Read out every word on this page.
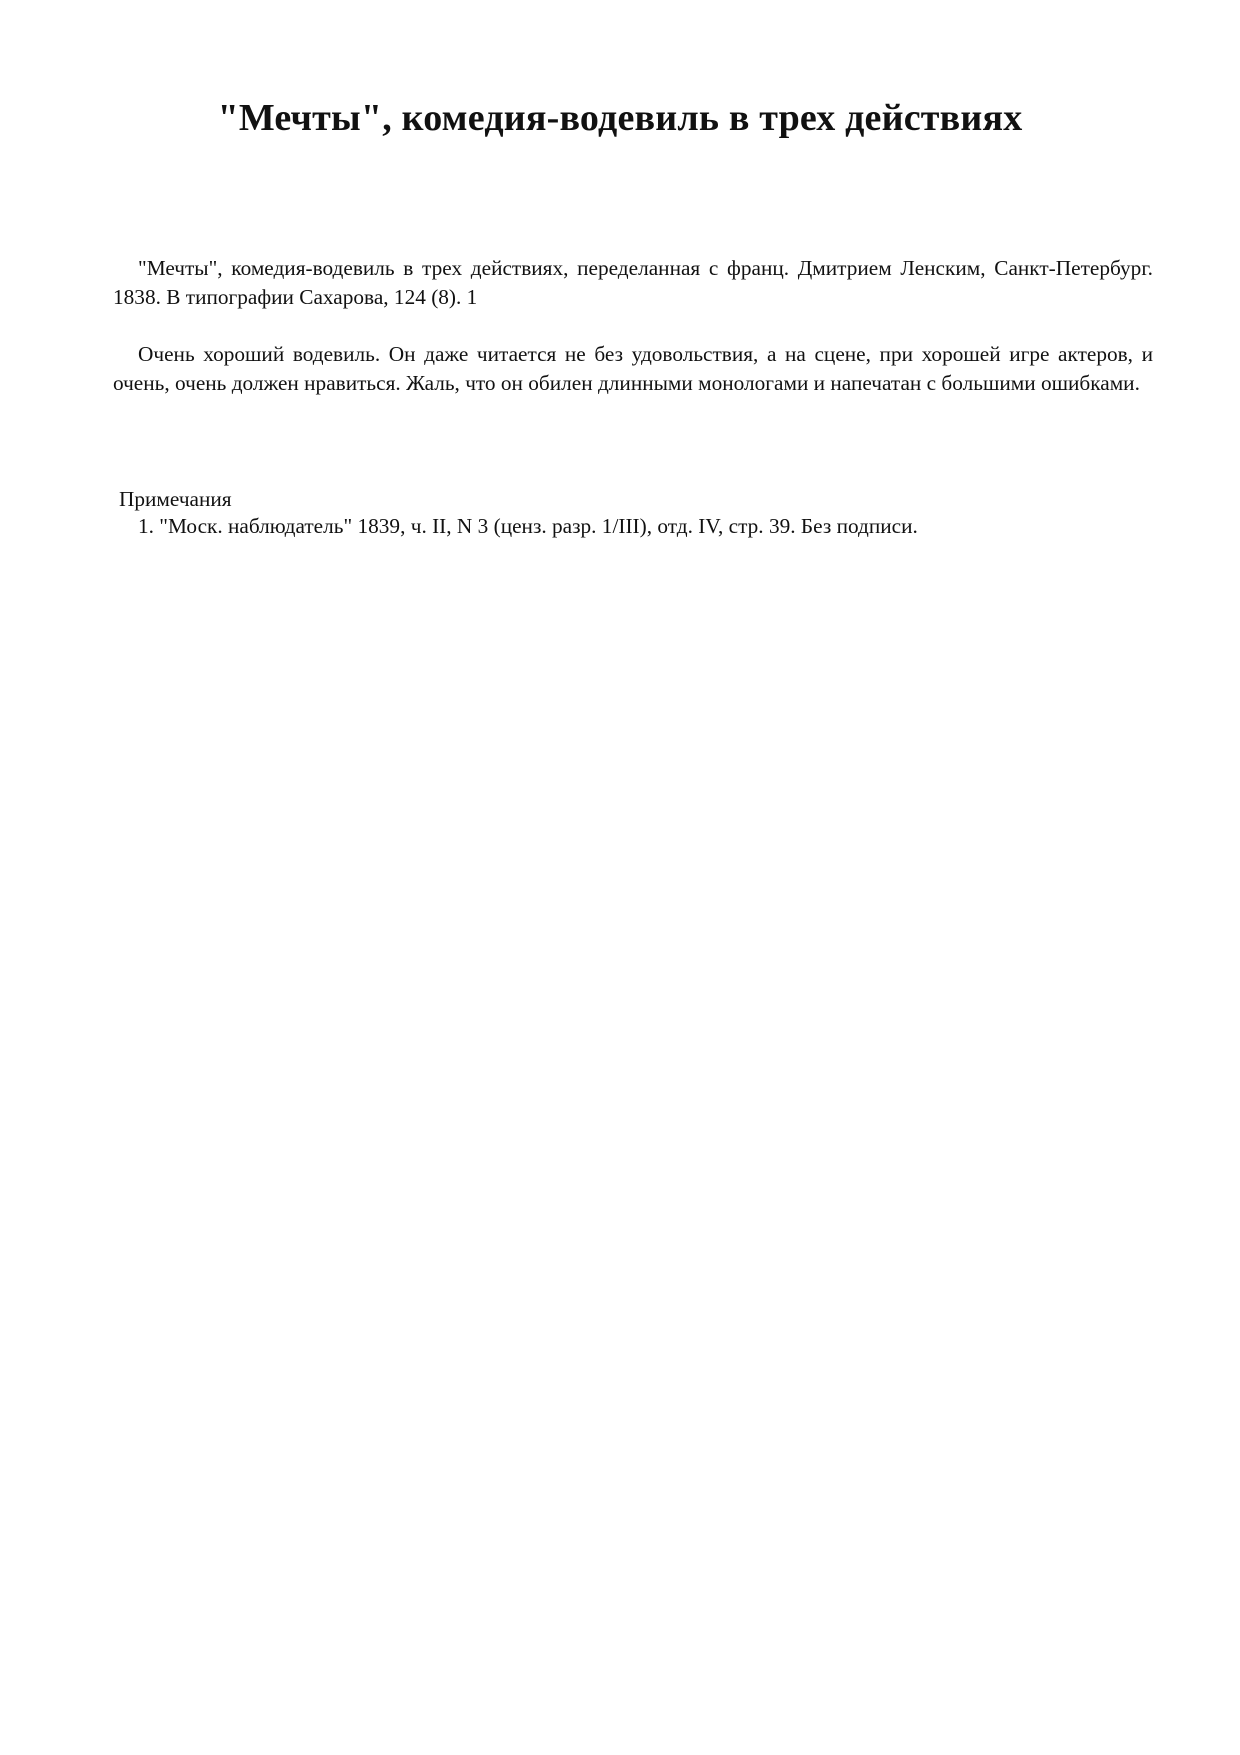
"Мечты", комедия-водевиль в трех действиях

"Мечты", комедия-водевиль в трех действиях, переделанная с франц. Дмитрием Ленским, Санкт-Петербург. 1838. В типографии Сахарова, 124 (8). 1

Очень хороший водевиль. Он даже читается не без удовольствия, а на сцене, при хорошей игре актеров, и очень, очень должен нравиться. Жаль, что он обилен длинными монологами и напечатан с большими ошибками.

Примечания

1. "Моск. наблюдатель" 1839, ч. II, N 3 (ценз. разр. 1/III), отд. IV, стр. 39. Без подписи.
